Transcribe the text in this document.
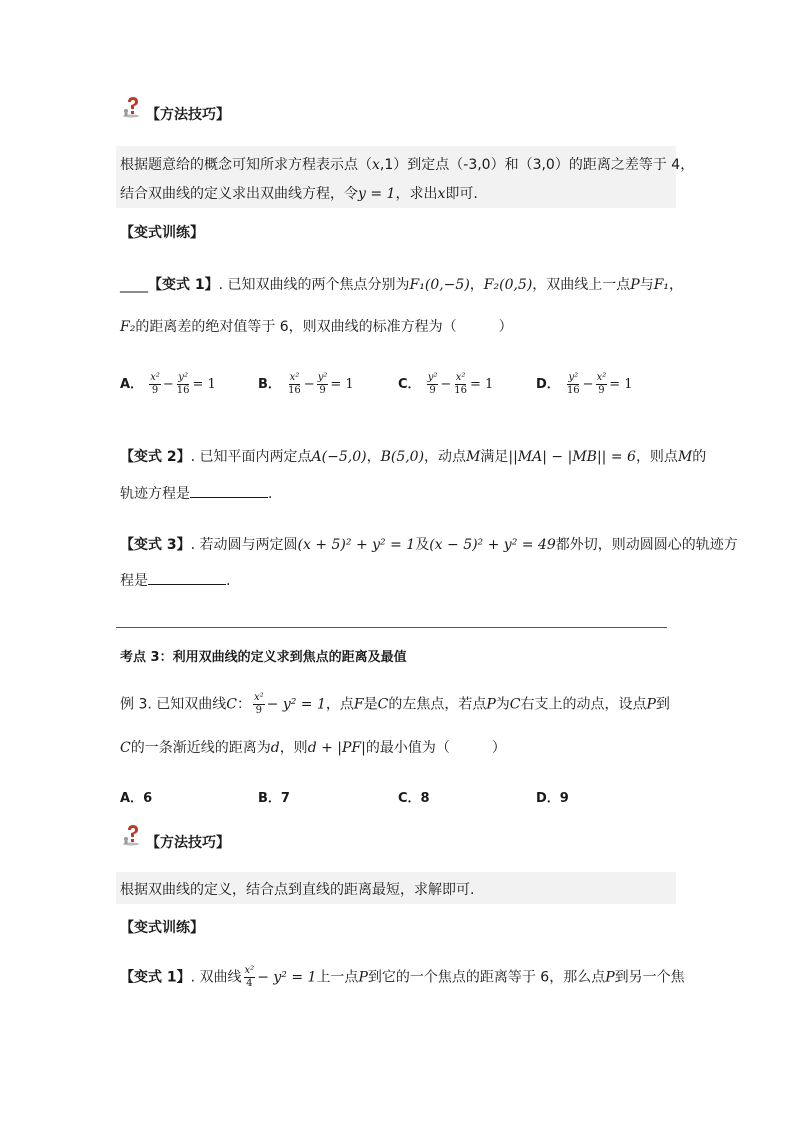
【方法技巧】
根据题意给的概念可知所求方程表示点（x,1）到定点（-3,0）和（3,0）的距离之差等于 4，
结合双曲线的定义求出双曲线方程，令y = 1，求出x即可.
【变式训练】
____【变式 1】. 已知双曲线的两个焦点分别为F₁(0,−5)，F₂(0,5)，双曲线上一点P与F₁，
F₂的距离差的绝对值等于 6，则双曲线的标准方程为（　　　）
A． $\frac{\text{x²}}{9} - \frac{\text{y²}}{16} = 1$	B． $\frac{\text{x²}}{16} - \frac{\text{y²}}{9} = 1$	C． $\frac{\text{y²}}{9} - \frac{\text{x²}}{16} = 1$	D． $\frac{\text{y²}}{16} - \frac{\text{x²}}{9} = 1$
【变式 2】. 已知平面内两定点A(−5,0)，B(5,0)，动点M满足||MA| − |MB|| = 6，则点M的
轨迹方程是	.
【变式 3】. 若动圆与两定圆(x + 5)² + y² = 1及(x − 5)² + y² = 49都外切，则动圆圆心的轨迹方
程是	.
考点 3：利用双曲线的定义求到焦点的距离及最值
例 3. 已知双曲线C： $\frac{\text{x²}}{9} - y^2 = 1$，点F是C的左焦点，若点P为C右支上的动点，设点P到
C的一条渐近线的距离为d，则d + |PF|的最小值为（　　　）
A．6	B．7	C．8	D．9
【方法技巧】
根据双曲线的定义，结合点到直线的距离最短，求解即可.
【变式训练】
【变式 1】. 双曲线 $\frac{\text{x²}}{4} - y^2 = 1$上一点P到它的一个焦点的距离等于 6，那么点P到另一个焦
